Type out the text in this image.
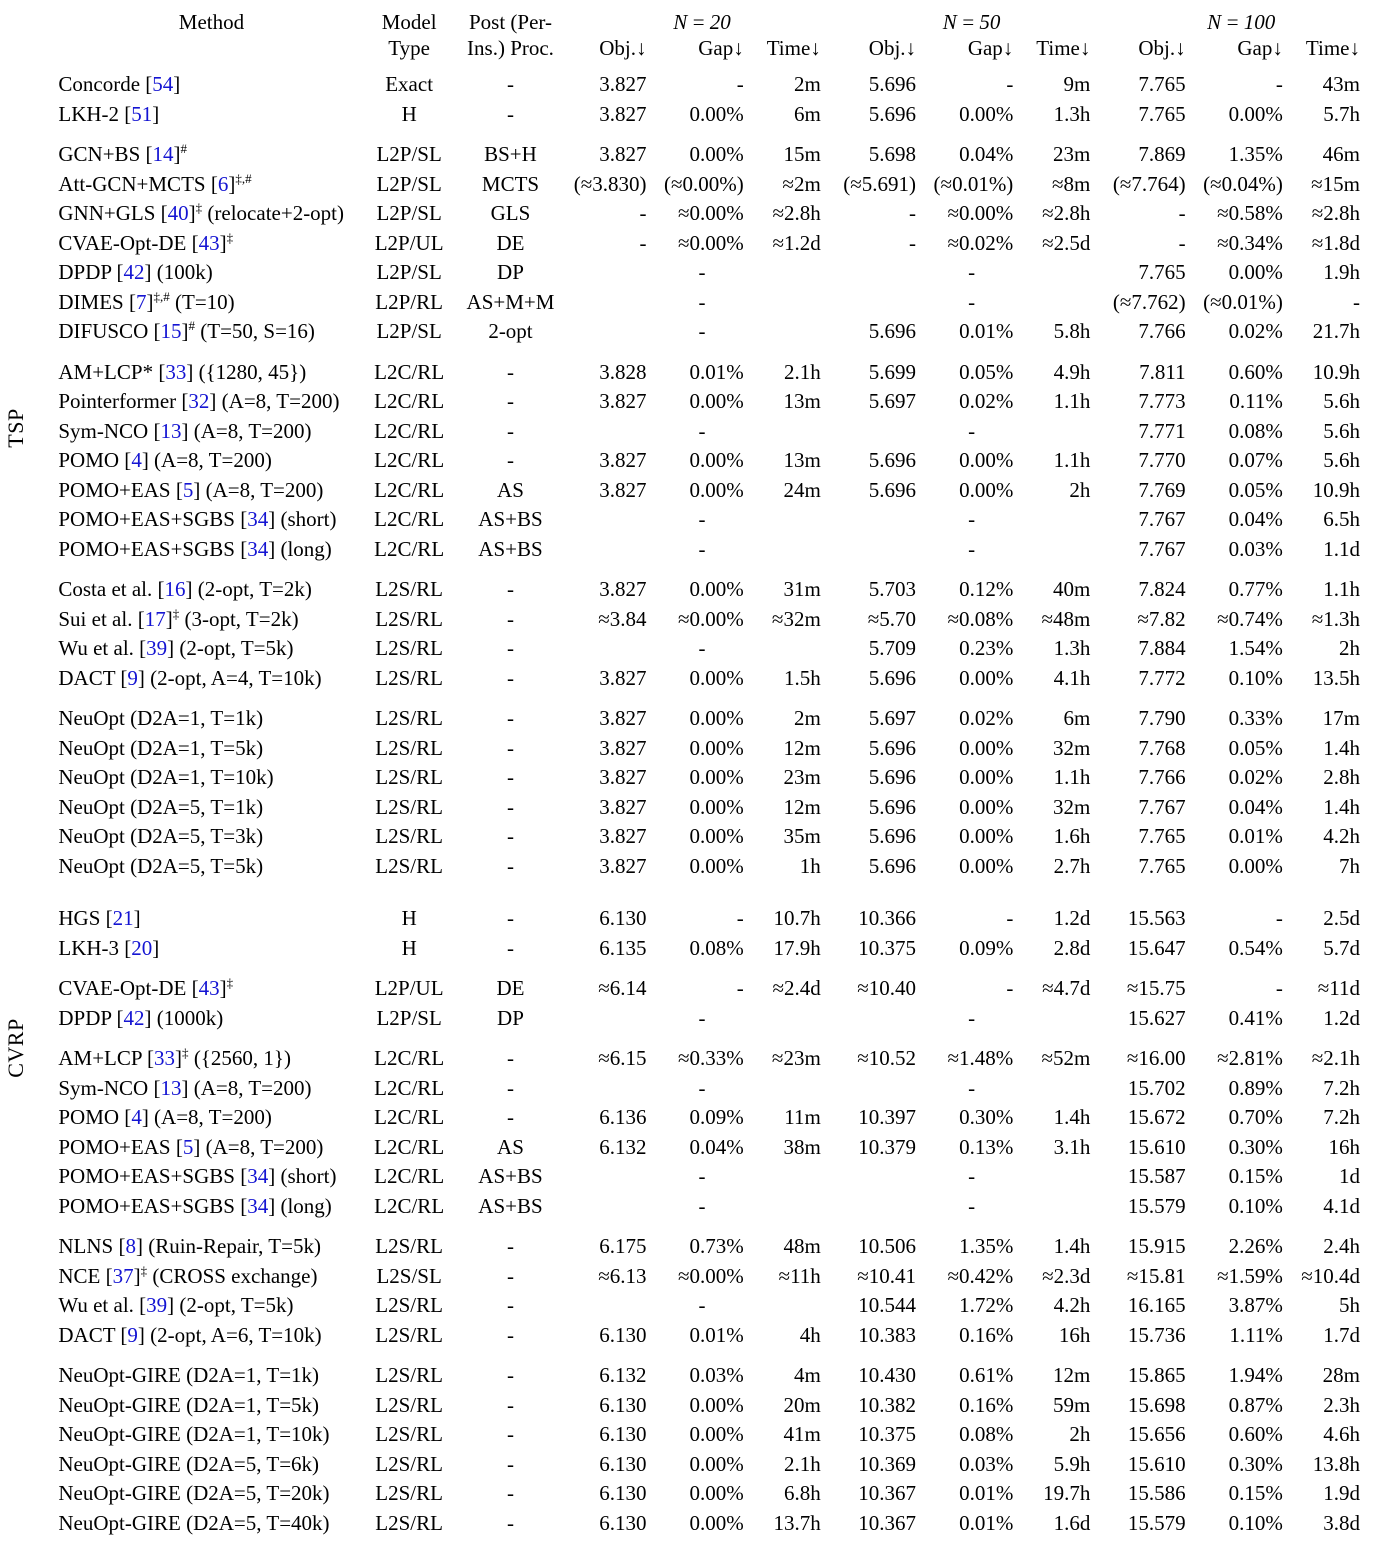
TSP
CVRP

	Method	Model	Post (Per-	N = 20			N = 50			N = 100		
		Type	Ins.) Proc.	Obj.↓	Gap↓	Time↓	Obj.↓	Gap↓	Time↓	Obj.↓	Gap↓	Time↓

	Concorde [54]	Exact	-	3.827	-	2m	5.696	-	9m	7.765	-	43m
	LKH-2 [51]	H	-	3.827	0.00%	6m	5.696	0.00%	1.3h	7.765	0.00%	5.7h

	GCN+BS [14]#	L2P/SL	BS+H	3.827	0.00%	15m	5.698	0.04%	23m	7.869	1.35%	46m
	Att-GCN+MCTS [6]‡,#	L2P/SL	MCTS	(≈3.830)	(≈0.00%)	≈2m	(≈5.691)	(≈0.01%)	≈8m	(≈7.764)	(≈0.04%)	≈15m
	GNN+GLS [40]‡ (relocate+2-opt)	L2P/SL	GLS	-	≈0.00%	≈2.8h	-	≈0.00%	≈2.8h	-	≈0.58%	≈2.8h
	CVAE-Opt-DE [43]‡	L2P/UL	DE	-	≈0.00%	≈1.2d	-	≈0.02%	≈2.5d	-	≈0.34%	≈1.8d
	DPDP [42] (100k)	L2P/SL	DP	-			-			7.765	0.00%	1.9h
	DIMES [7]‡,# (T=10)	L2P/RL	AS+M+M	-			-			(≈7.762)	(≈0.01%)	-
	DIFUSCO [15]# (T=50, S=16)	L2P/SL	2-opt	-			5.696	0.01%	5.8h	7.766	0.02%	21.7h

	AM+LCP* [33] ({1280, 45})	L2C/RL	-	3.828	0.01%	2.1h	5.699	0.05%	4.9h	7.811	0.60%	10.9h
	Pointerformer [32] (A=8, T=200)	L2C/RL	-	3.827	0.00%	13m	5.697	0.02%	1.1h	7.773	0.11%	5.6h
	Sym-NCO [13] (A=8, T=200)	L2C/RL	-	-			-			7.771	0.08%	5.6h
	POMO [4] (A=8, T=200)	L2C/RL	-	3.827	0.00%	13m	5.696	0.00%	1.1h	7.770	0.07%	5.6h
	POMO+EAS [5] (A=8, T=200)	L2C/RL	AS	3.827	0.00%	24m	5.696	0.00%	2h	7.769	0.05%	10.9h
	POMO+EAS+SGBS [34] (short)	L2C/RL	AS+BS	-			-			7.767	0.04%	6.5h
	POMO+EAS+SGBS [34] (long)	L2C/RL	AS+BS	-			-			7.767	0.03%	1.1d

	Costa et al. [16] (2-opt, T=2k)	L2S/RL	-	3.827	0.00%	31m	5.703	0.12%	40m	7.824	0.77%	1.1h
	Sui et al. [17]‡ (3-opt, T=2k)	L2S/RL	-	≈3.84	≈0.00%	≈32m	≈5.70	≈0.08%	≈48m	≈7.82	≈0.74%	≈1.3h
	Wu et al. [39] (2-opt, T=5k)	L2S/RL	-	-			5.709	0.23%	1.3h	7.884	1.54%	2h
	DACT [9] (2-opt, A=4, T=10k)	L2S/RL	-	3.827	0.00%	1.5h	5.696	0.00%	4.1h	7.772	0.10%	13.5h

	NeuOpt (D2A=1, T=1k)	L2S/RL	-	3.827	0.00%	2m	5.697	0.02%	6m	7.790	0.33%	17m
	NeuOpt (D2A=1, T=5k)	L2S/RL	-	3.827	0.00%	12m	5.696	0.00%	32m	7.768	0.05%	1.4h
	NeuOpt (D2A=1, T=10k)	L2S/RL	-	3.827	0.00%	23m	5.696	0.00%	1.1h	7.766	0.02%	2.8h
	NeuOpt (D2A=5, T=1k)	L2S/RL	-	3.827	0.00%	12m	5.696	0.00%	32m	7.767	0.04%	1.4h
	NeuOpt (D2A=5, T=3k)	L2S/RL	-	3.827	0.00%	35m	5.696	0.00%	1.6h	7.765	0.01%	4.2h
	NeuOpt (D2A=5, T=5k)	L2S/RL	-	3.827	0.00%	1h	5.696	0.00%	2.7h	7.765	0.00%	7h

	HGS [21]	H	-	6.130	-	10.7h	10.366	-	1.2d	15.563	-	2.5d
	LKH-3 [20]	H	-	6.135	0.08%	17.9h	10.375	0.09%	2.8d	15.647	0.54%	5.7d

	CVAE-Opt-DE [43]‡	L2P/UL	DE	≈6.14	-	≈2.4d	≈10.40	-	≈4.7d	≈15.75	-	≈11d
	DPDP [42] (1000k)	L2P/SL	DP	-			-			15.627	0.41%	1.2d

	AM+LCP [33]‡ ({2560, 1})	L2C/RL	-	≈6.15	≈0.33%	≈23m	≈10.52	≈1.48%	≈52m	≈16.00	≈2.81%	≈2.1h
	Sym-NCO [13] (A=8, T=200)	L2C/RL	-	-			-			15.702	0.89%	7.2h
	POMO [4] (A=8, T=200)	L2C/RL	-	6.136	0.09%	11m	10.397	0.30%	1.4h	15.672	0.70%	7.2h
	POMO+EAS [5] (A=8, T=200)	L2C/RL	AS	6.132	0.04%	38m	10.379	0.13%	3.1h	15.610	0.30%	16h
	POMO+EAS+SGBS [34] (short)	L2C/RL	AS+BS	-			-			15.587	0.15%	1d
	POMO+EAS+SGBS [34] (long)	L2C/RL	AS+BS	-			-			15.579	0.10%	4.1d

	NLNS [8] (Ruin-Repair, T=5k)	L2S/RL	-	6.175	0.73%	48m	10.506	1.35%	1.4h	15.915	2.26%	2.4h
	NCE [37]‡ (CROSS exchange)	L2S/SL	-	≈6.13	≈0.00%	≈11h	≈10.41	≈0.42%	≈2.3d	≈15.81	≈1.59%	≈10.4d
	Wu et al. [39] (2-opt, T=5k)	L2S/RL	-	-			10.544	1.72%	4.2h	16.165	3.87%	5h
	DACT [9] (2-opt, A=6, T=10k)	L2S/RL	-	6.130	0.01%	4h	10.383	0.16%	16h	15.736	1.11%	1.7d

	NeuOpt-GIRE (D2A=1, T=1k)	L2S/RL	-	6.132	0.03%	4m	10.430	0.61%	12m	15.865	1.94%	28m
	NeuOpt-GIRE (D2A=1, T=5k)	L2S/RL	-	6.130	0.00%	20m	10.382	0.16%	59m	15.698	0.87%	2.3h
	NeuOpt-GIRE (D2A=1, T=10k)	L2S/RL	-	6.130	0.00%	41m	10.375	0.08%	2h	15.656	0.60%	4.6h
	NeuOpt-GIRE (D2A=5, T=6k)	L2S/RL	-	6.130	0.00%	2.1h	10.369	0.03%	5.9h	15.610	0.30%	13.8h
	NeuOpt-GIRE (D2A=5, T=20k)	L2S/RL	-	6.130	0.00%	6.8h	10.367	0.01%	19.7h	15.586	0.15%	1.9d
	NeuOpt-GIRE (D2A=5, T=40k)	L2S/RL	-	6.130	0.00%	13.7h	10.367	0.01%	1.6d	15.579	0.10%	3.8d
